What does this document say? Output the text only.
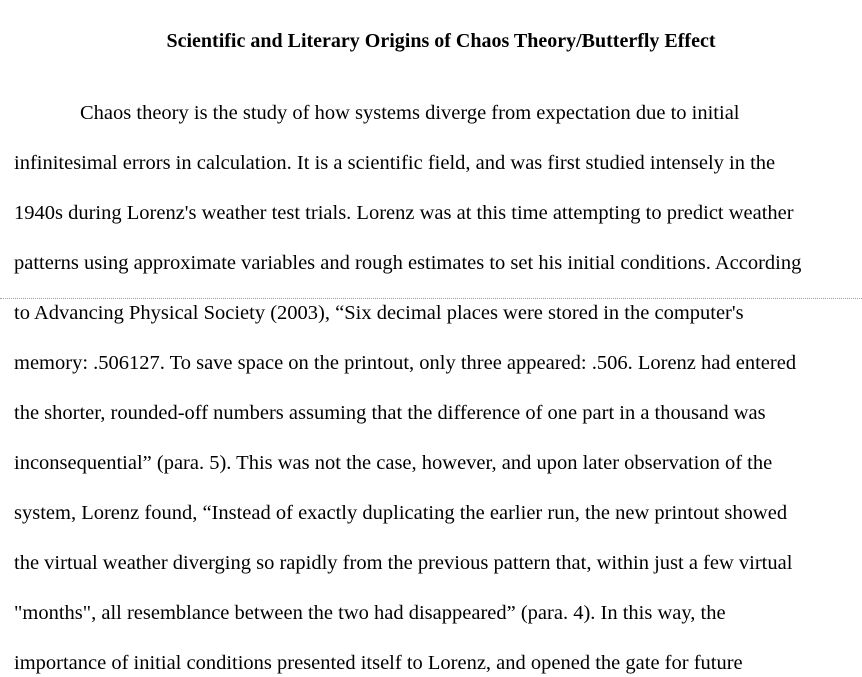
Scientific and Literary Origins of Chaos Theory/Butterfly Effect
Chaos theory is the study of how systems diverge from expectation due to initial
infinitesimal errors in calculation. It is a scientific field, and was first studied intensely in the
1940s during Lorenz's weather test trials. Lorenz was at this time attempting to predict weather
patterns using approximate variables and rough estimates to set his initial conditions. According
to Advancing Physical Society (2003), “Six decimal places were stored in the computer's
memory: .506127. To save space on the printout, only three appeared: .506. Lorenz had entered
the shorter, rounded-off numbers assuming that the difference of one part in a thousand was
inconsequential” (para. 5). This was not the case, however, and upon later observation of the
system, Lorenz found, “Instead of exactly duplicating the earlier run, the new printout showed
the virtual weather diverging so rapidly from the previous pattern that, within just a few virtual
"months", all resemblance between the two had disappeared” (para. 4). In this way, the
importance of initial conditions presented itself to Lorenz, and opened the gate for future
